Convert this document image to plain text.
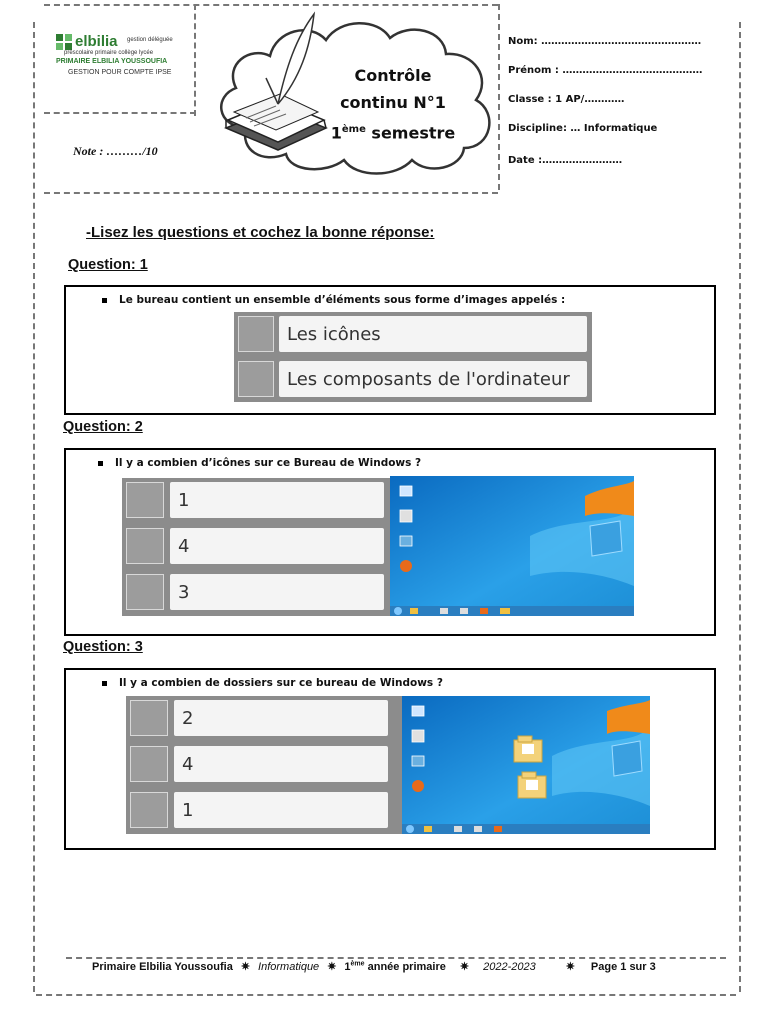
elbilia gestion déléguée
préscolaire primaire collège lycée
PRIMAIRE ELBILIA YOUSSOUFIA
GESTION POUR COMPTE IPSE
Note : ………/10
Contrôle
continu N°1
1ème semestre
Nom: …………………………………………
Prénom : ……………………………………
Classe : 1 AP/…………
Discipline: … Informatique
Date :……………………
-Lisez les questions et cochez la bonne réponse:
Question: 1
Le bureau contient un ensemble d’éléments sous forme d’images appelés :
Les icônes
Les composants de l'ordinateur
Question: 2
Il y a combien d’icônes sur ce Bureau de Windows ?
1
4
3
Question: 3
Il y a combien de dossiers sur ce bureau de Windows ?
2
4
1
Primaire Elbilia Youssoufia ✷ Informatique ✷ 1ème année primaire ✷ 2022-2023	✷ Page 1 sur 3
